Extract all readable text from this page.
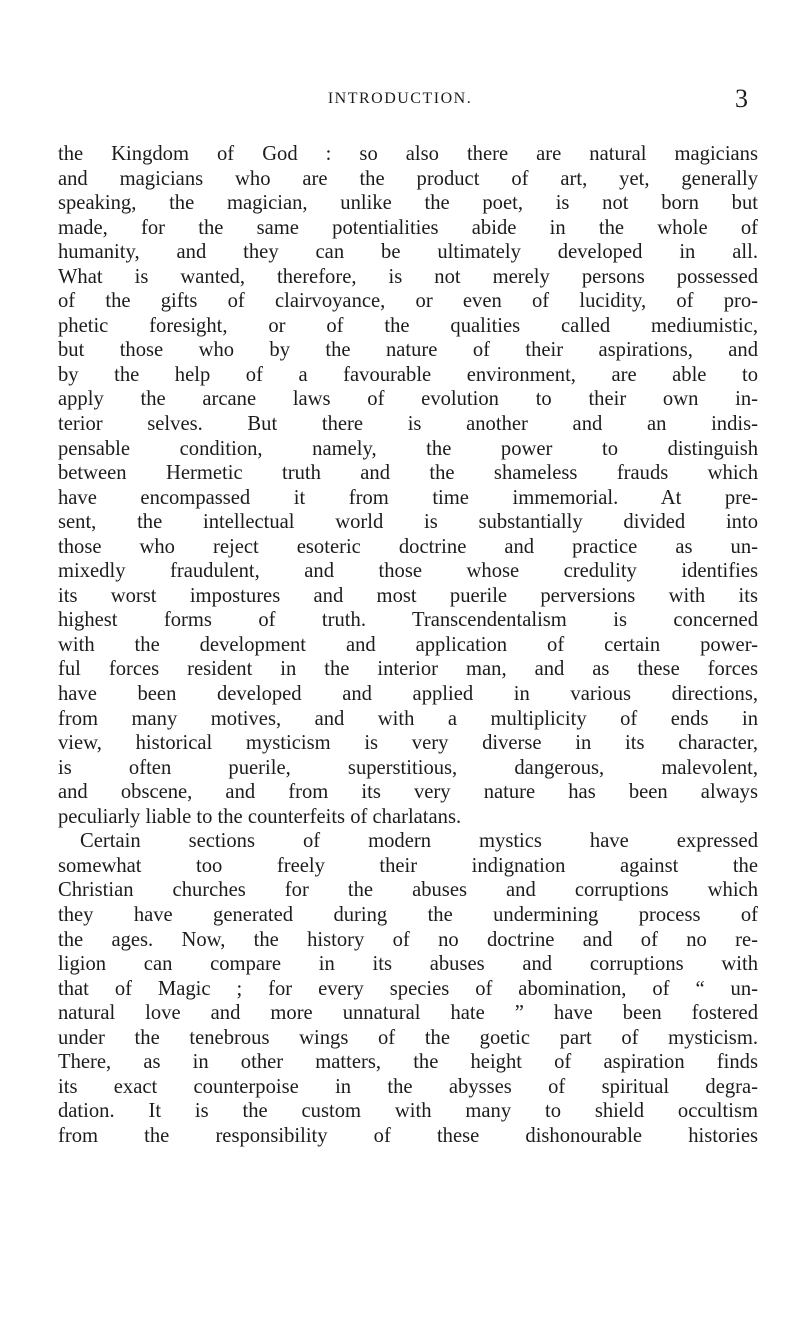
INTRODUCTION.	3
the Kingdom of God : so also there are natural magicians
and magicians who are the product of art, yet, generally
speaking, the magician, unlike the poet, is not born but
made, for the same potentialities abide in the whole of
humanity, and they can be ultimately developed in all.
What is wanted, therefore, is not merely persons possessed
of the gifts of clairvoyance, or even of lucidity, of pro-
phetic foresight, or of the qualities called mediumistic,
but those who by the nature of their aspirations, and
by the help of a favourable environment, are able to
apply the arcane laws of evolution to their own in-
terior selves. But there is another and an indis-
pensable condition, namely, the power to distinguish
between Hermetic truth and the shameless frauds which
have encompassed it from time immemorial. At pre-
sent, the intellectual world is substantially divided into
those who reject esoteric doctrine and practice as un-
mixedly fraudulent, and those whose credulity identifies
its worst impostures and most puerile perversions with its
highest forms of truth. Transcendentalism is concerned
with the development and application of certain power-
ful forces resident in the interior man, and as these forces
have been developed and applied in various directions,
from many motives, and with a multiplicity of ends in
view, historical mysticism is very diverse in its character,
is often puerile, superstitious, dangerous, malevolent,
and obscene, and from its very nature has been always
peculiarly liable to the counterfeits of charlatans.
Certain sections of modern mystics have expressed
somewhat too freely their indignation against the
Christian churches for the abuses and corruptions which
they have generated during the undermining process of
the ages. Now, the history of no doctrine and of no re-
ligion can compare in its abuses and corruptions with
that of Magic ; for every species of abomination, of “ un-
natural love and more unnatural hate ” have been fostered
under the tenebrous wings of the goetic part of mysticism.
There, as in other matters, the height of aspiration finds
its exact counterpoise in the abysses of spiritual degra-
dation. It is the custom with many to shield occultism
from the responsibility of these dishonourable histories
